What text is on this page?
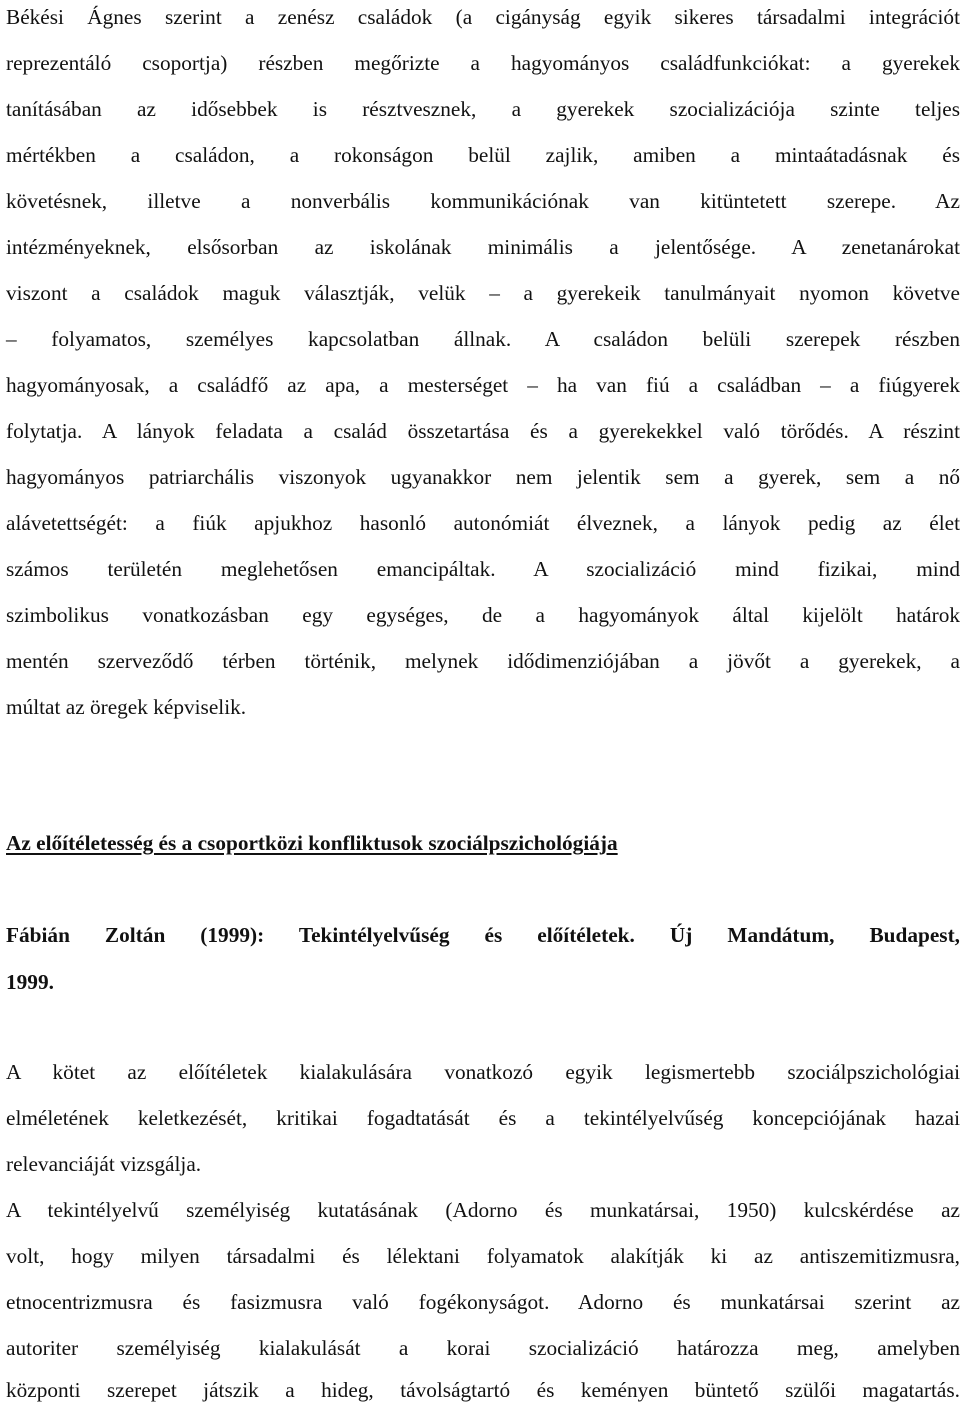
Békési Ágnes szerint a zenész családok (a cigányság egyik sikeres társadalmi integrációt
reprezentáló csoportja) részben megőrizte a hagyományos családfunkciókat: a gyerekek
tanításában az idősebbek is résztvesznek, a gyerekek szocializációja szinte teljes
mértékben a családon, a rokonságon belül zajlik, amiben a mintaátadásnak és
követésnek, illetve a nonverbális kommunikációnak van kitüntetett szerepe. Az
intézményeknek, elsősorban az iskolának minimális a jelentősége. A zenetanárokat
viszont a családok maguk választják, velük – a gyerekeik tanulmányait nyomon követve
– folyamatos, személyes kapcsolatban állnak. A családon belüli szerepek részben
hagyományosak, a családfő az apa, a mesterséget – ha van fiú a családban – a fiúgyerek
folytatja. A lányok feladata a család összetartása és a gyerekekkel való törődés. A részint
hagyományos patriarchális viszonyok ugyanakkor nem jelentik sem a gyerek, sem a nő
alávetettségét: a fiúk apjukhoz hasonló autonómiát élveznek, a lányok pedig az élet
számos területén meglehetősen emancipáltak. A szocializáció mind fizikai, mind
szimbolikus vonatkozásban egy egységes, de a hagyományok által kijelölt határok
mentén szerveződő térben történik, melynek idődimenziójában a jövőt a gyerekek, a
múltat az öregek képviselik.
Az előítéletesség és a csoportközi konfliktusok szociálpszichológiája
Fábián Zoltán (1999): Tekintélyelvűség és előítéletek. Új Mandátum, Budapest,
1999.
A kötet az előítéletek kialakulására vonatkozó egyik legismertebb szociálpszichológiai
elméletének keletkezését, kritikai fogadtatását és a tekintélyelvűség koncepciójának hazai
relevanciáját vizsgálja.
A tekintélyelvű személyiség kutatásának (Adorno és munkatársai, 1950) kulcskérdése az
volt, hogy milyen társadalmi és lélektani folyamatok alakítják ki az antiszemitizmusra,
etnocentrizmusra és fasizmusra való fogékonyságot. Adorno és munkatársai szerint az
autoriter személyiség kialakulását a korai szocializáció határozza meg, amelyben
központi szerepet játszik a hideg, távolságtartó és keményen büntető szülői magatartás.
